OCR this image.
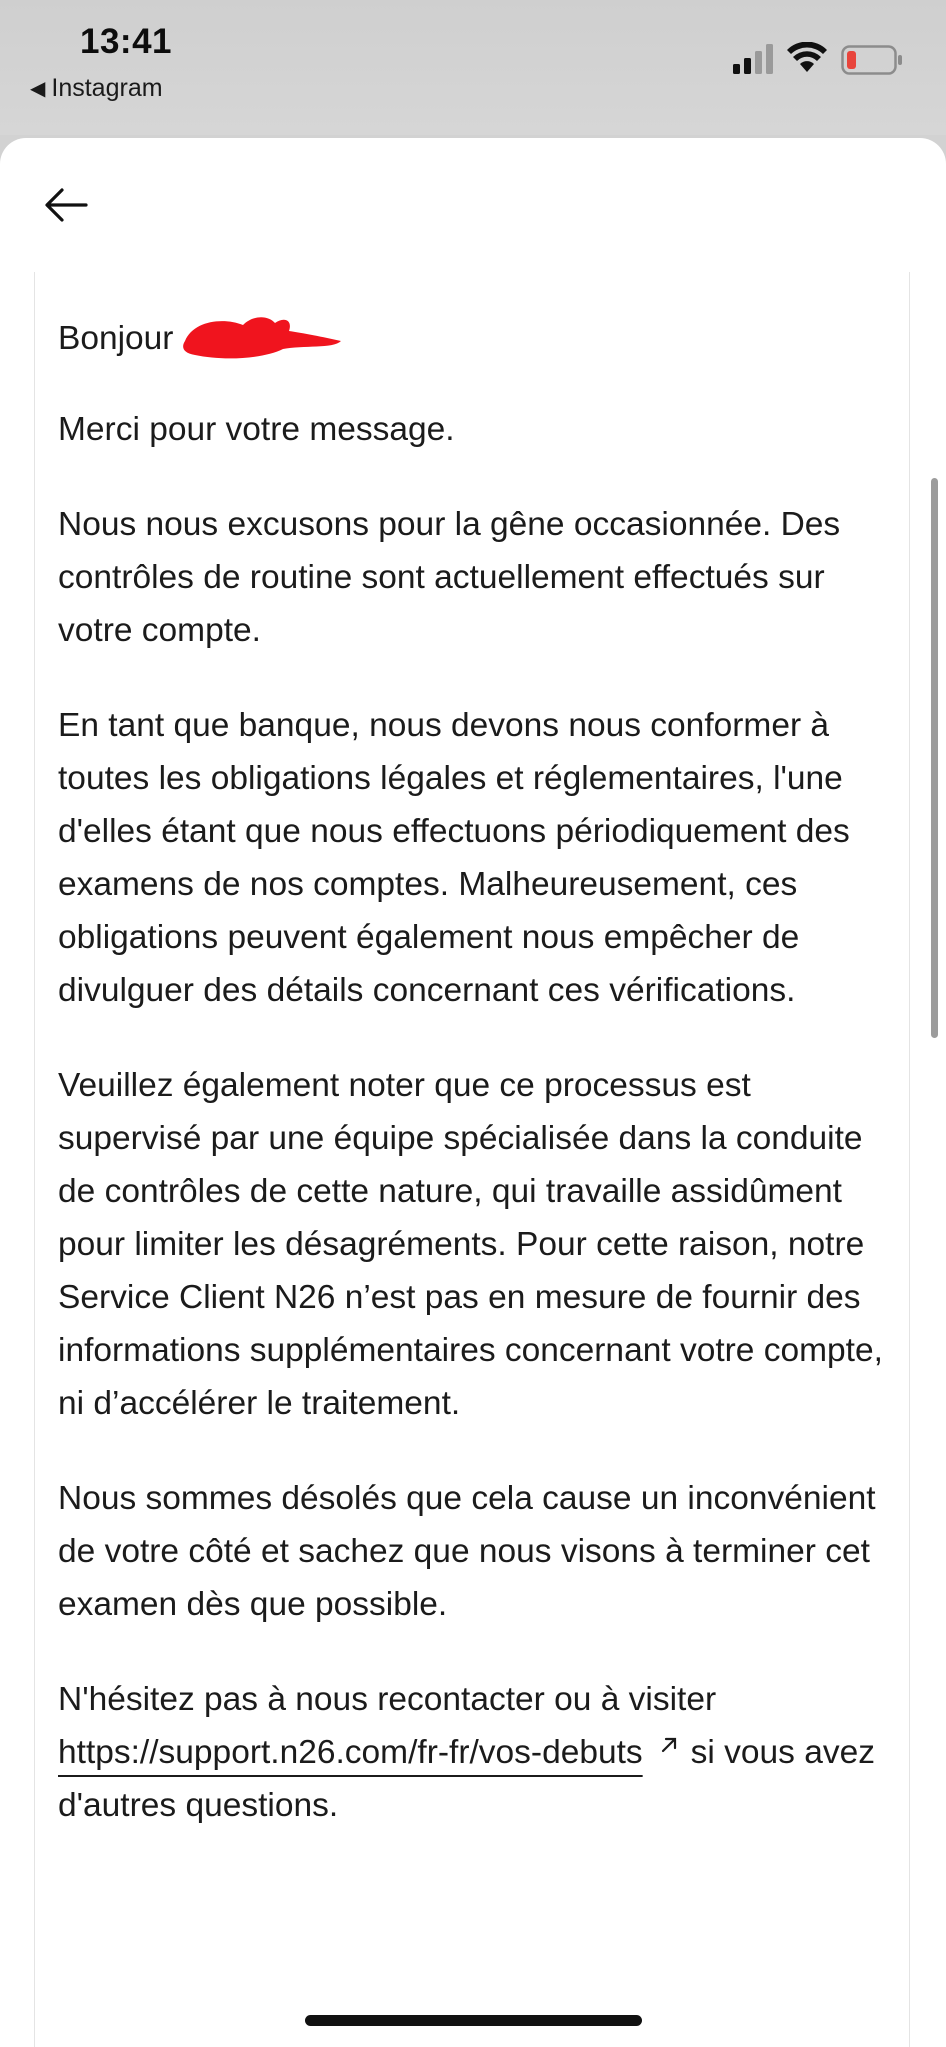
13:41
◀ Instagram

Bonjour

Merci pour votre message.

Nous nous excusons pour la gêne occasionnée. Des contrôles de routine sont actuellement effectués sur votre compte.

En tant que banque, nous devons nous conformer à toutes les obligations légales et réglementaires, l'une d'elles étant que nous effectuons périodiquement des examens de nos comptes. Malheureusement, ces obligations peuvent également nous empêcher de divulguer des détails concernant ces vérifications.

Veuillez également noter que ce processus est supervisé par une équipe spécialisée dans la conduite de contrôles de cette nature, qui travaille assidûment pour limiter les désagréments. Pour cette raison, notre Service Client N26 n’est pas en mesure de fournir des informations supplémentaires concernant votre compte, ni d’accélérer le traitement.

Nous sommes désolés que cela cause un inconvénient de votre côté et sachez que nous visons à terminer cet examen dès que possible.

N'hésitez pas à nous recontacter ou à visiter https://support.n26.com/fr-fr/vos-debuts si vous avez d'autres questions.
